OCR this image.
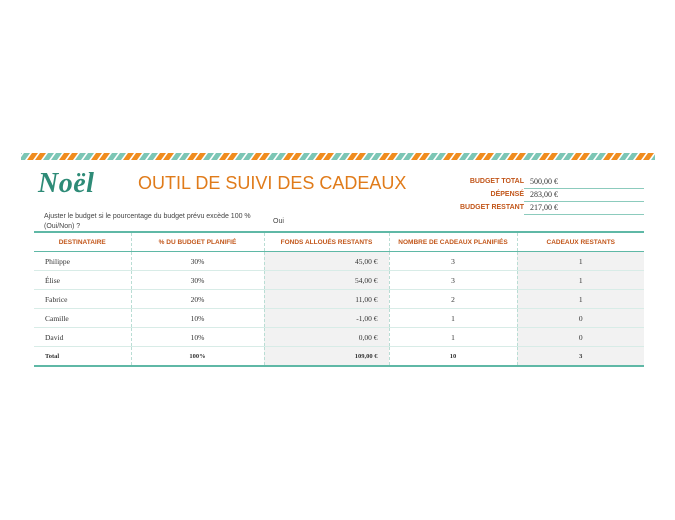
Noël OUTIL DE SUIVI DES CADEAUX	BUDGET TOTAL 500,00 €
DÉPENSÉ 283,00 €
BUDGET RESTANT 217,00 €
Ajuster le budget si le pourcentage du budget prévu excède 100 % (Oui/Non) ?
Oui
DESTINATAIRE	% DU BUDGET PLANIFIÉ	FONDS ALLOUÉS RESTANTS	NOMBRE DE CADEAUX PLANIFIÉS	CADEAUX RESTANTS
Philippe	30%	45,00 €	3	1
Élise	30%	54,00 €	3	1
Fabrice	20%	11,00 €	2	1
Camille	10%	-1,00 €	1	0
David	10%	0,00 €	1	0
Total	100%	109,00 €	10	3
